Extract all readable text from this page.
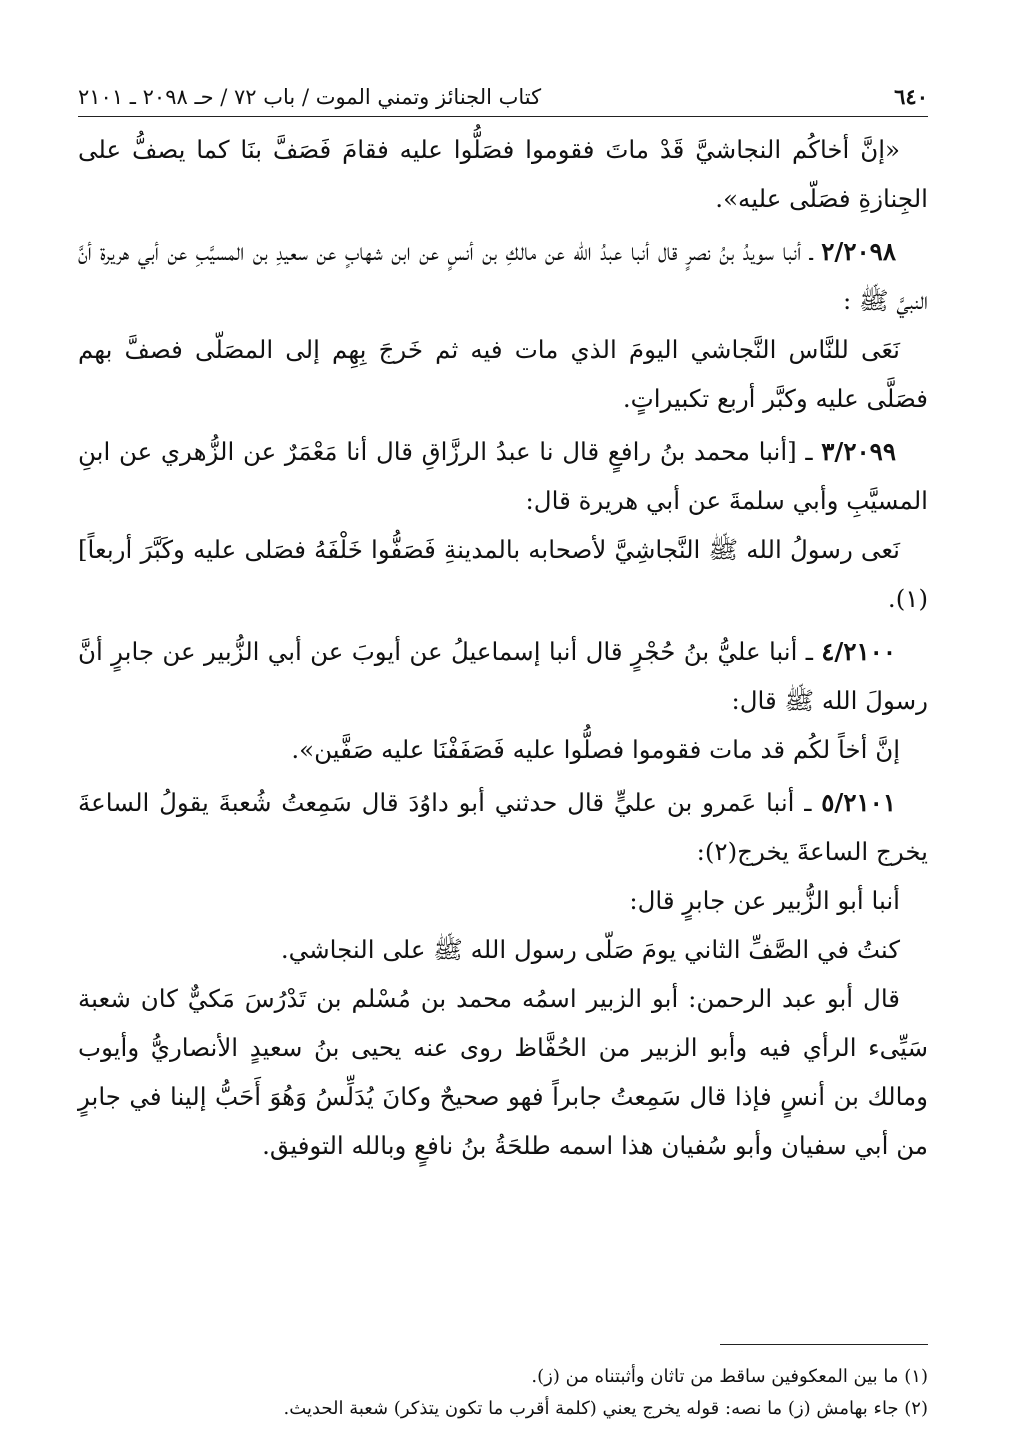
٦٤٠
كتاب الجنائز وتمني الموت / باب ٧٢ / حـ ٢٠٩٨ ـ ٢١٠١

«إنَّ أخاكُم النجاشيَّ قَدْ ماتَ فقوموا فصَلُّوا عليه فقامَ فَصَفَّ بنَا كما يصفُّ على الجِنازةِ فصَلّى عليه».

٢/٢٠٩٨ ـ أنبا سويدُ بنُ نصرٍ قال أنبا عبدُ الله عن مالكِ بن أنسٍ عن ابن شهابٍ عن سعيدِ بن المسيَّبِ عن أبي هريرة أنَّ النبيَّ ﷺ :

نَعَى للنَّاس النَّجاشي اليومَ الذي مات فيه ثم خَرجَ بِهِم إلى المصَلّى فصفَّ بهم فصَلَّى عليه وكبَّر أربع تكبيراتٍ.

٣/٢٠٩٩ ـ [أنبا محمد بنُ رافعٍ قال نا عبدُ الرزَّاقِ قال أنا مَعْمَرٌ عن الزُّهري عن ابنِ المسيَّبِ وأبي سلمةَ عن أبي هريرة قال:

نَعى رسولُ الله ﷺ النَّجاشِيَّ لأصحابه بالمدينةِ فَصَفُّوا خَلْفَهُ فصَلى عليه وكَبَّرَ أربعاً](١).

٤/٢١٠٠ ـ أنبا عليُّ بنُ حُجْرٍ قال أنبا إسماعيلُ عن أيوبَ عن أبي الزُّبير عن جابرٍ أنَّ رسولَ الله ﷺ قال:

إنَّ أخاً لكُم قد مات فقوموا فصلُّوا عليه فَصَفَفْنَا عليه صَفَّين».

٥/٢١٠١ ـ أنبا عَمرو بن عليٍّ قال حدثني أبو داوُدَ قال سَمِعتُ شُعبةَ يقولُ الساعةَ يخرج الساعةَ يخرج(٢):

أنبا أبو الزُّبير عن جابرٍ قال:

كنتُ في الصَّفِّ الثاني يومَ صَلّى رسول الله ﷺ على النجاشي.

قال أبو عبد الرحمن: أبو الزبير اسمُه محمد بن مُسْلم بن تَدْرُسَ مَكيٌّ كان شعبة سَيِّىء الرأي فيه وأبو الزبير من الحُفَّاظ روى عنه يحيى بنُ سعيدٍ الأنصاريُّ وأيوب ومالك بن أنسٍ فإذا قال سَمِعتُ جابراً فهو صحيحٌ وكانَ يُدَلِّسُ وَهُوَ أَحَبُّ إلينا في جابرٍ من أبي سفيان وأبو سُفيان هذا اسمه طلحَةُ بنُ نافعٍ وبالله التوفيق.

(١) ما بين المعكوفين ساقط من تاثان وأثبتناه من (ز).

(٢) جاء بهامش (ز) ما نصه: قوله يخرج يعني (كلمة أقرب ما تكون يتذكر) شعبة الحديث.
